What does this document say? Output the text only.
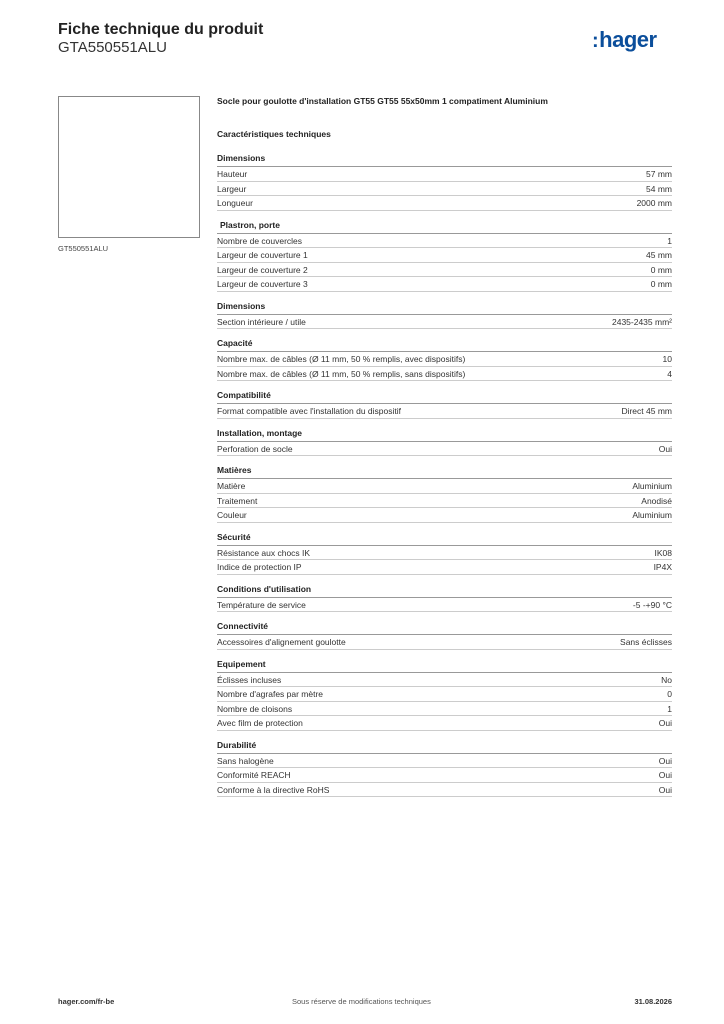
Fiche technique du produit
GTA550551ALU	:hager
GT550551ALU
Socle pour goulotte d'installation GT55 GT55 55x50mm 1 compatiment Aluminium
Caractéristiques techniques
Dimensions
Hauteur	57 mm
Largeur	54 mm
Longueur	2000 mm
Plastron, porte
Nombre de couvercles	1
Largeur de couverture 1	45 mm
Largeur de couverture 2	0 mm
Largeur de couverture 3	0 mm
Dimensions
Section intérieure / utile	2435-2435 mm²
Capacité
Nombre max. de câbles (Ø 11 mm, 50 % remplis, avec dispositifs)	10
Nombre max. de câbles (Ø 11 mm, 50 % remplis, sans dispositifs)	4
Compatibilité
Format compatible avec l'installation du dispositif	Direct 45 mm
Installation, montage
Perforation de socle	Oui
Matières
Matière	Aluminium
Traitement	Anodisé
Couleur	Aluminium
Sécurité
Résistance aux chocs IK	IK08
Indice de protection IP	IP4X
Conditions d'utilisation
Température de service	-5 -+90 °C
Connectivité
Accessoires d'alignement goulotte	Sans éclisses
Equipement
Éclisses incluses	No
Nombre d'agrafes par mètre	0
Nombre de cloisons	1
Avec film de protection	Oui
Durabilité
Sans halogène	Oui
Conformité REACH	Oui
Conforme à la directive RoHS	Oui
hager.com/fr-be	Sous réserve de modifications techniques	31.08.2026
